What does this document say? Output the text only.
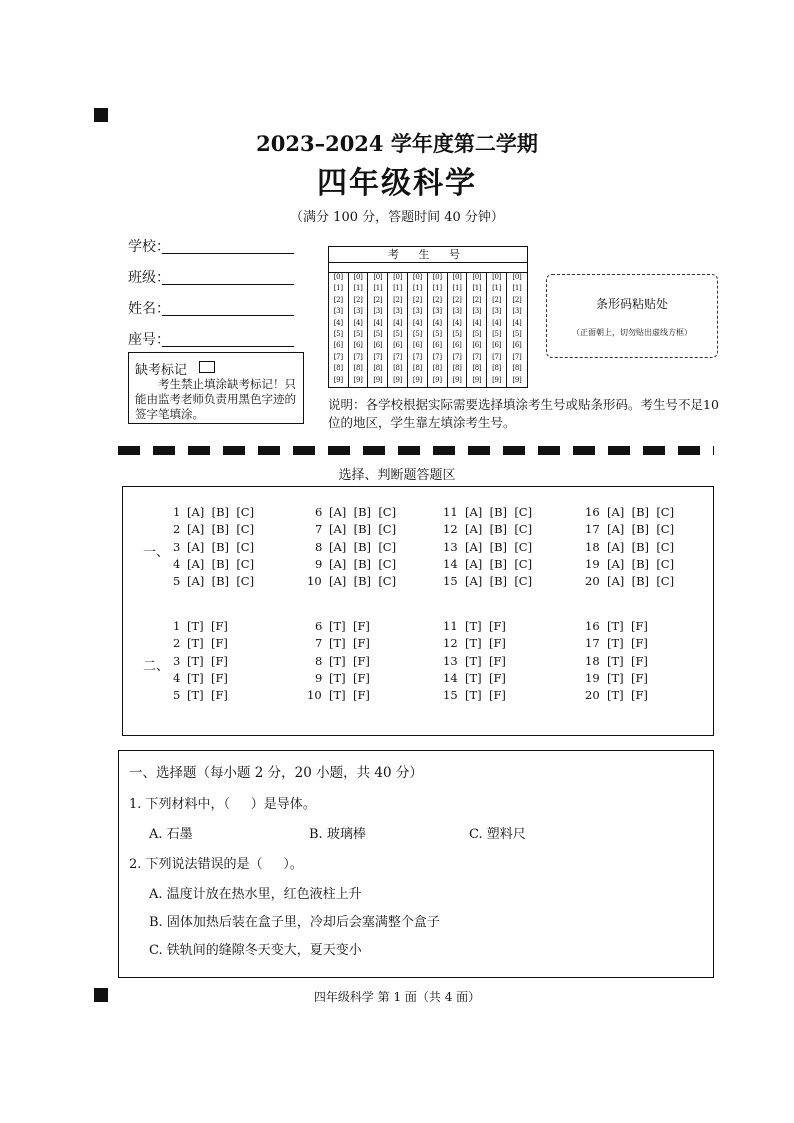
2023–2024 学年度第二学期
四年级科学
（满分 100 分，答题时间 40 分钟）
学校：
班级：
姓名：
座号：
缺考标记
考生禁止填涂缺考标记！只能由监考老师负责用黑色字迹的签字笔填涂。
考 生 号
[0]
[1]
[2]
[3]
[4]
[5]
[6]
[7]
[8]
[9]
[0]
[1]
[2]
[3]
[4]
[5]
[6]
[7]
[8]
[9]
[0]
[1]
[2]
[3]
[4]
[5]
[6]
[7]
[8]
[9]
[0]
[1]
[2]
[3]
[4]
[5]
[6]
[7]
[8]
[9]
[0]
[1]
[2]
[3]
[4]
[5]
[6]
[7]
[8]
[9]
[0]
[1]
[2]
[3]
[4]
[5]
[6]
[7]
[8]
[9]
[0]
[1]
[2]
[3]
[4]
[5]
[6]
[7]
[8]
[9]
[0]
[1]
[2]
[3]
[4]
[5]
[6]
[7]
[8]
[9]
[0]
[1]
[2]
[3]
[4]
[5]
[6]
[7]
[8]
[9]
[0]
[1]
[2]
[3]
[4]
[5]
[6]
[7]
[8]
[9]
条形码粘贴处
（正面朝上，切勿贴出虚线方框）
说明：各学校根据实际需要选择填涂考生号或贴条形码。考生号不足10位的地区，学生靠左填涂考生号。
选择、判断题答题区
一、
二、
1 [A]  [B]  [C]
1 [T]  [F]
2 [A]  [B]  [C]
2 [T]  [F]
3 [A]  [B]  [C]
3 [T]  [F]
4 [A]  [B]  [C]
4 [T]  [F]
5 [A]  [B]  [C]
5 [T]  [F]
6 [A]  [B]  [C]
6 [T]  [F]
7 [A]  [B]  [C]
7 [T]  [F]
8 [A]  [B]  [C]
8 [T]  [F]
9 [A]  [B]  [C]
9 [T]  [F]
10 [A]  [B]  [C]
10 [T]  [F]
11 [A]  [B]  [C]
11 [T]  [F]
12 [A]  [B]  [C]
12 [T]  [F]
13 [A]  [B]  [C]
13 [T]  [F]
14 [A]  [B]  [C]
14 [T]  [F]
15 [A]  [B]  [C]
15 [T]  [F]
16 [A]  [B]  [C]
16 [T]  [F]
17 [A]  [B]  [C]
17 [T]  [F]
18 [A]  [B]  [C]
18 [T]  [F]
19 [A]  [B]  [C]
19 [T]  [F]
20 [A]  [B]  [C]
20 [T]  [F]
一、选择题（每小题 2 分，20 小题，共 40 分）
1. 下列材料中，（     ）是导体。
A. 石墨	B. 玻璃棒	C. 塑料尺
2. 下列说法错误的是（     ）。
A. 温度计放在热水里，红色液柱上升
B. 固体加热后装在盒子里，冷却后会塞满整个盒子
C. 铁轨间的缝隙冬天变大，夏天变小
四年级科学 第 1 面（共 4 面）
